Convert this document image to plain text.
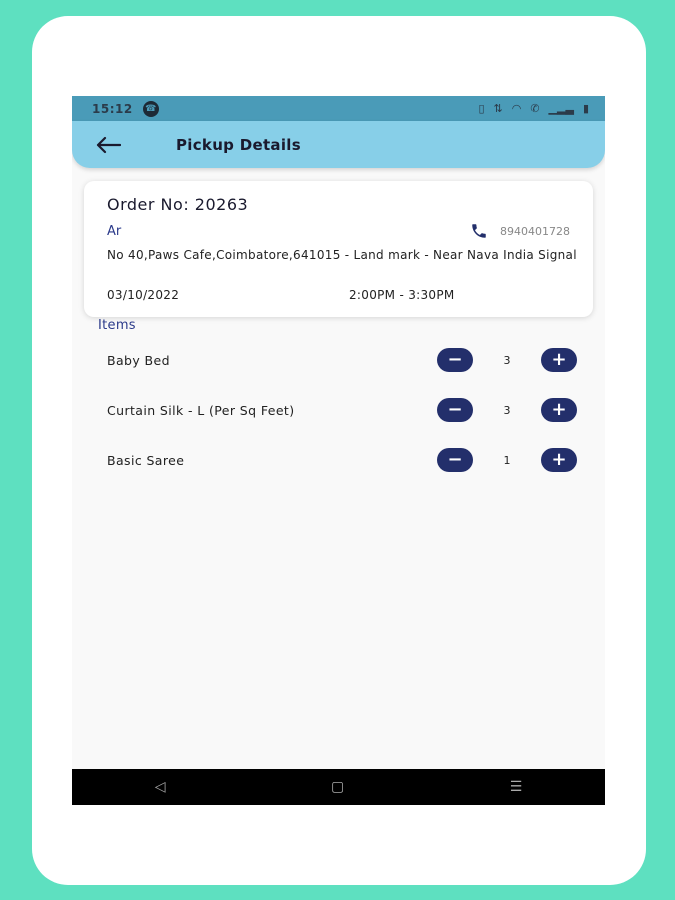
15:12 ☎	▯ ⇅ ◠ ✆ ▁▂▃ ▮
Pickup Details
Order No: 20263
Ar	8940401728
No 40,Paws Cafe,Coimbatore,641015 - Land mark - Near Nava India Signal
03/10/2022	2:00PM - 3:30PM
Items
Baby Bed	−	3	+
Curtain Silk - L (Per Sq Feet)	−	3	+
Basic Saree	−	1	+
◁	▢	☰
